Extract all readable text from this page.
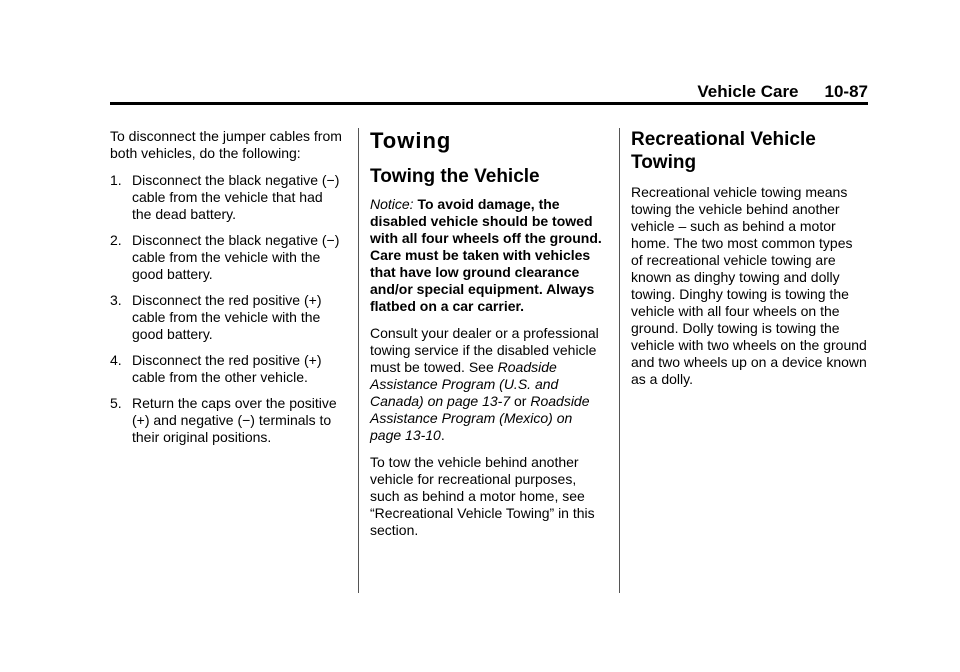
Vehicle Care 10-87

To disconnect the jumper cables from both vehicles, do the following:

1. Disconnect the black negative (−) cable from the vehicle that had the dead battery.
2. Disconnect the black negative (−) cable from the vehicle with the good battery.
3. Disconnect the red positive (+) cable from the vehicle with the good battery.
4. Disconnect the red positive (+) cable from the other vehicle.
5. Return the caps over the positive (+) and negative (−) terminals to their original positions.
Towing
Towing the Vehicle

Notice: To avoid damage, the disabled vehicle should be towed with all four wheels off the ground. Care must be taken with vehicles that have low ground clearance and/or special equipment. Always flatbed on a car carrier.

Consult your dealer or a professional towing service if the disabled vehicle must be towed. See Roadside Assistance Program (U.S. and Canada) on page 13-7 or Roadside Assistance Program (Mexico) on page 13-10.

To tow the vehicle behind another vehicle for recreational purposes, such as behind a motor home, see “Recreational Vehicle Towing” in this section.

Recreational Vehicle Towing

Recreational vehicle towing means towing the vehicle behind another vehicle – such as behind a motor home. The two most common types of recreational vehicle towing are known as dinghy towing and dolly towing. Dinghy towing is towing the vehicle with all four wheels on the ground. Dolly towing is towing the vehicle with two wheels on the ground and two wheels up on a device known as a dolly.
